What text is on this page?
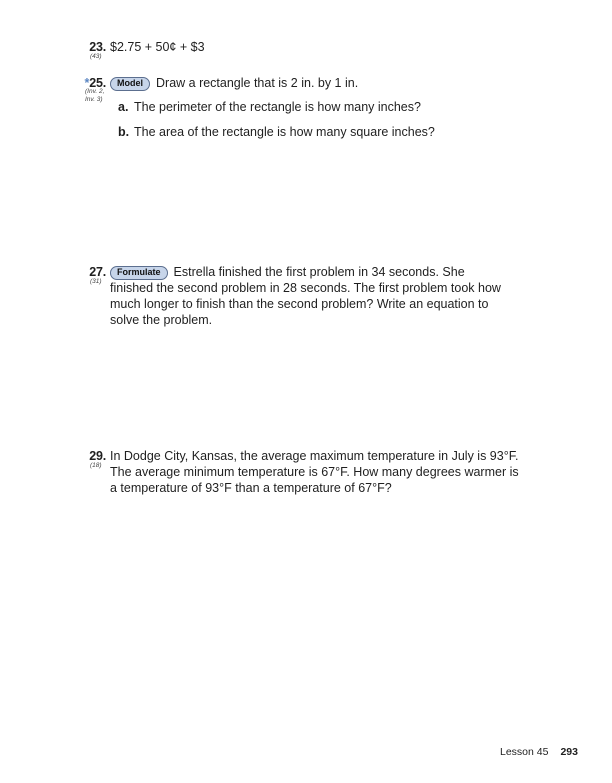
23.
(43)
$2.75 + 50¢ + $3
*25.
(Inv. 2,
Inv. 3)
Model Draw a rectangle that is 2 in. by 1 in.
a. The perimeter of the rectangle is how many inches?
b. The area of the rectangle is how many square inches?
27.
(31)
Formulate Estrella finished the first problem in 34 seconds. She
finished the second problem in 28 seconds. The first problem took how
much longer to finish than the second problem? Write an equation to
solve the problem.
29.
(18)
In Dodge City, Kansas, the average maximum temperature in July is 93°F.
The average minimum temperature is 67°F. How many degrees warmer is
a temperature of 93°F than a temperature of 67°F?
Lesson 45 293
